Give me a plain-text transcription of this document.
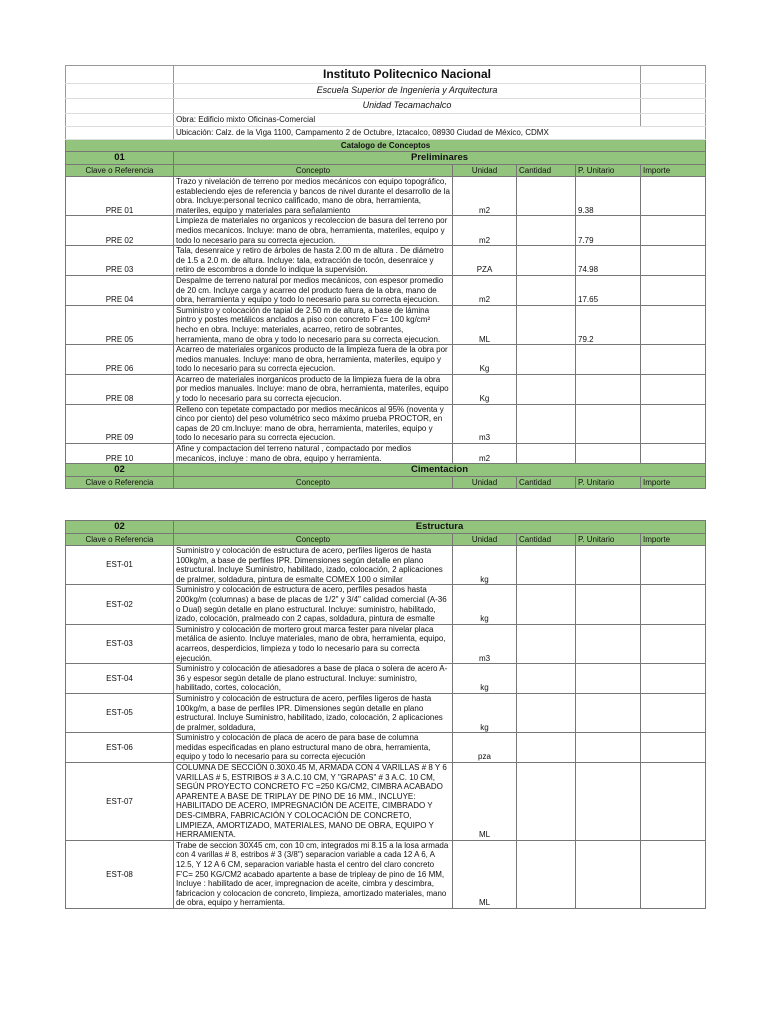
	Instituto Politecnico Nacional				
	Escuela Superior de Ingenieria y Arquitectura				
	Unidad Tecamachalco				
	Obra: Edificio mixto Oficinas-Comercial				
	Ubicación: Calz. de la Viga 1100, Campamento 2 de Octubre, Iztacalco, 08930 Ciudad de México, CDMX				
Catalogo de Conceptos					
01	Preliminares				
Clave o Referencia	Concepto	Unidad	Cantidad	P. Unitario	Importe
PRE 01	Trazo y nivelación de terreno por medios mecánicos con equipo topográfico, estableciendo ejes de referencia y bancos de nivel durante el desarrollo de la obra. Incluye:personal tecnico calificado, mano de obra, herramienta, materiles, equipo y materiales para señalamiento	m2		9.38	
PRE 02	Limpieza de materiales no organicos y recoleccion de basura del terreno por medios mecanicos. Incluye: mano de obra, herramienta, materiles, equipo y todo lo necesario para su correcta ejecucion.	m2		7.79	
PRE 03	Tala, desenraice y retiro de árboles de hasta 2.00 m de altura . De diámetro de 1.5 a 2.0 m. de altura. Incluye: tala, extracción de tocón, desenraice y retiro de escombros a donde lo indique la supervisión.	PZA		74.98	
PRE 04	Despalme de terreno natural por medios mecánicos, con espesor promedio de 20 cm. Incluye carga y acarreo del producto fuera de la obra, mano de obra, herramienta y equipo y todo lo necesario para su correcta ejecucion.	m2		17.65	
PRE 05	Suministro y colocación de tapial de 2.50 m de altura, a base de lámina pintro y postes metálicos anclados a piso con concreto F´c= 100 kg/cm² hecho en obra. Incluye: materiales, acarreo, retiro de sobrantes, herramienta, mano de obra y todo lo necesario para su correcta ejecucion.	ML		79.2	
PRE 06	Acarreo de materiales organicos producto de la limpieza fuera de la obra por medios manuales. Incluye: mano de obra, herramienta, materiles, equipo y todo lo necesario para su correcta ejecucion.	Kg			
PRE 08	Acarreo de materiales inorganicos producto de la limpieza fuera de la obra por medios manuales. Incluye: mano de obra, herramienta, materiles, equipo y todo lo necesario para su correcta ejecucion.	Kg			
PRE 09	Relleno con tepetate compactado por medios mecánicos al 95% (noventa y cinco por ciento) del peso volumétrico seco máximo prueba PROCTOR, en capas de 20 cm.Incluye: mano de obra, herramienta, materiles, equipo y todo lo necesario para su correcta ejecucion.	m3			
PRE 10	Afine y compactacion del terreno natural , compactado por medios mecanicos, incluye : mano de obra, equipo y herramienta.	m2			
02	Cimentacion				
Clave o Referencia	Concepto	Unidad	Cantidad	P. Unitario	Importe
02	Estructura				
Clave o Referencia	Concepto	Unidad	Cantidad	P. Unitario	Importe
EST-01	Suministro y colocación de estructura de acero, perfiles ligeros de hasta 100kg/m, a base de perfiles IPR. Dimensiones según detalle en plano estructural. Incluye Suministro, habilitado, izado, colocación, 2 aplicaciones de pralmer, soldadura, pintura de esmalte COMEX 100 o similar	kg			
EST-02	Suministro y colocación de estructura de acero, perfiles pesados hasta 200kg/m (columnas) a base de placas de 1/2" y 3/4" calidad comercial (A-36 o Dual) según detalle en plano estructural. Incluye: suministro, habilitado, izado, colocación, pralmeado con 2 capas, soldadura, pintura de esmalte	kg			
EST-03	Suministro y colocación de mortero grout marca fester para nivelar placa metálica de asiento. Incluye materiales, mano de obra, herramienta, equipo, acarreos, desperdicios, limpieza y todo lo necesario para su correcta ejecución.	m3			
EST-04	Suministro y colocación de atiesadores a base de placa o solera de acero A-36 y espesor según detalle de plano estructural. Incluye: suministro, habilitado, cortes, colocación,	kg			
EST-05	Suministro y colocación de estructura de acero, perfiles ligeros de hasta 100kg/m, a base de perfiles IPR. Dimensiones según detalle en plano estructural. Incluye Suministro, habilitado, izado, colocación, 2 aplicaciones de pralmer, soldadura,	kg			
EST-06	Suministro y colocación de placa de acero de para base de columna medidas especificadas en plano estructural mano de obra, herramienta, equipo y todo lo necesario para su correcta ejecución	pza			
EST-07	COLUMNA DE SECCIÓN 0.30X0.45 M, ARMADA CON 4 VARILLAS # 8 Y 6 VARILLAS # 5, ESTRIBOS # 3 A.C.10 CM, Y "GRAPAS" # 3 A.C. 10 CM, SEGÚN PROYECTO CONCRETO F'C =250 KG/CM2, CIMBRA ACABADO APARENTE A BASE DE TRIPLAY DE PINO DE 16 MM., INCLUYE: HABILITADO DE ACERO, IMPREGNACIÓN DE ACEITE, CIMBRADO Y DES-CIMBRA, FABRICACIÓN Y COLOCACIÓN DE CONCRETO, LIMPIEZA, AMORTIZADO, MATERIALES, MANO DE OBRA, EQUIPO Y HERRAMIENTA.	ML			
EST-08	Trabe de seccion 30X45 cm, con 10 cm, integrados mi 8.15 a la losa armada con 4 varillas # 8, estribos # 3 (3/8") separacion variable a cada 12 A 6, A 12.5, Y 12 A 6 CM, separacion variable hasta el centro del claro concreto F'C= 250 KG/CM2 acabado apartente a base de tripleay de pino de 16 MM, Incluye : habilitado de acer, impregnacion de aceite, cimbra y descimbra, fabricacion y colocacion de concreto, limpieza, amortizado materiales, mano de obra, equipo y herramienta.	ML			
